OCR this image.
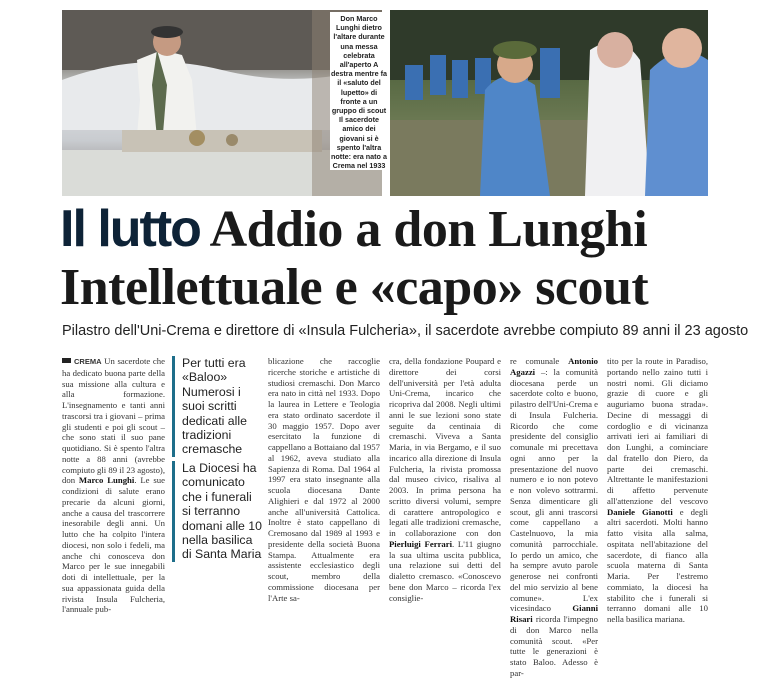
Don Marco Lunghi dietro l'altare durante una messa celebrata all'aperto A destra mentre fa il «saluto del lupetto» di fronte a un gruppo di scout Il sacerdote amico dei giovani si è spento l'altra notte: era nato a Crema nel 1933
Il lutto Addio a don Lunghi
Intellettuale e «capo» scout
Pilastro dell'Uni-Crema e direttore di «Insula Fulcheria», il sacerdote avrebbe compiuto 89 anni il 23 agosto
CREMA Un sacerdote che ha dedicato buona parte della sua missione alla cultura e alla formazione. L'insegnamento e tanti anni trascorsi tra i giovani – prima gli studenti e poi gli scout – che sono stati il suo pane quotidiano. Si è spento l'altra notte a 88 anni (avrebbe compiuto gli 89 il 23 agosto), don Marco Lunghi. Le sue condizioni di salute erano precarie da alcuni giorni, anche a causa del trascorrere inesorabile degli anni. Un lutto che ha colpito l'intera diocesi, non solo i fedeli, ma anche chi conosceva don Marco per le sue innegabili doti di intellettuale, per la sua appassionata guida della rivista Insula Fulcheria, l'annuale pub-
Per tutti era «Baloo» Numerosi i suoi scritti dedicati alle tradizioni cremasche
La Diocesi ha comunicato che i funerali si terranno domani alle 10 nella basilica di Santa Maria
blicazione che raccoglie ricerche storiche e artistiche di studiosi cremaschi. Don Marco era nato in città nel 1933. Dopo la laurea in Lettere e Teologia era stato ordinato sacerdote il 30 maggio 1957. Dopo aver esercitato la funzione di cappellano a Bottaiano dal 1957 al 1962, aveva studiato alla Sapienza di Roma. Dal 1964 al 1997 era stato insegnante alla scuola diocesana Dante Alighieri e dal 1972 al 2000 anche all'università Cattolica. Inoltre è stato cappellano di Cremosano dal 1989 al 1993 e presidente della società Buona Stampa. Attualmente era assistente ecclesiastico degli scout, membro della commissione diocesana per l'Arte sa-
cra, della fondazione Poupard e direttore dei corsi dell'università per l'età adulta Uni-Crema, incarico che ricopriva dal 2008. Negli ultimi anni le sue lezioni sono state seguite da centinaia di cremaschi. Viveva a Santa Maria, in via Bergamo, e il suo incarico alla direzione di Insula Fulcheria, la rivista promossa dal museo civico, risaliva al 2003. In prima persona ha scritto diversi volumi, sempre di carattere antropologico e legati alle tradizioni cremasche, in collaborazione con don Pierluigi Ferrari. L'11 giugno la sua ultima uscita pubblica, una relazione sui detti del dialetto cremasco. «Conoscevo bene don Marco – ricorda l'ex consiglie-
re comunale Antonio Agazzi –: la comunità diocesana perde un sacerdote colto e buono, pilastro dell'Uni-Crema e di Insula Fulcheria. Ricordo che come presidente del consiglio comunale mi precettava ogni anno per la presentazione del nuovo numero e io non potevo e non volevo sottrarmi. Senza dimenticare gli scout, gli anni trascorsi come cappellano a Castelnuovo, la mia comunità parrocchiale. Io perdo un amico, che ha sempre avuto parole generose nei confronti del mio servizio al bene comune». L'ex vicesindaco Gianni Risari ricorda l'impegno di don Marco nella comunità scout. «Per tutte le generazioni è stato Baloo. Adesso è par-
tito per la route in Paradiso, portando nello zaino tutti i nostri nomi. Gli diciamo grazie di cuore e gli auguriamo buona strada». Decine di messaggi di cordoglio e di vicinanza arrivati ieri ai familiari di don Lunghi, a cominciare dal fratello don Piero, da parte dei cremaschi. Altrettante le manifestazioni di affetto pervenute all'attenzione del vescovo Daniele Gianotti e degli altri sacerdoti. Molti hanno fatto visita alla salma, ospitata nell'abitazione del sacerdote, di fianco alla scuola materna di Santa Maria. Per l'estremo commiato, la diocesi ha stabilito che i funerali si terranno domani alle 10 nella basilica mariana.
